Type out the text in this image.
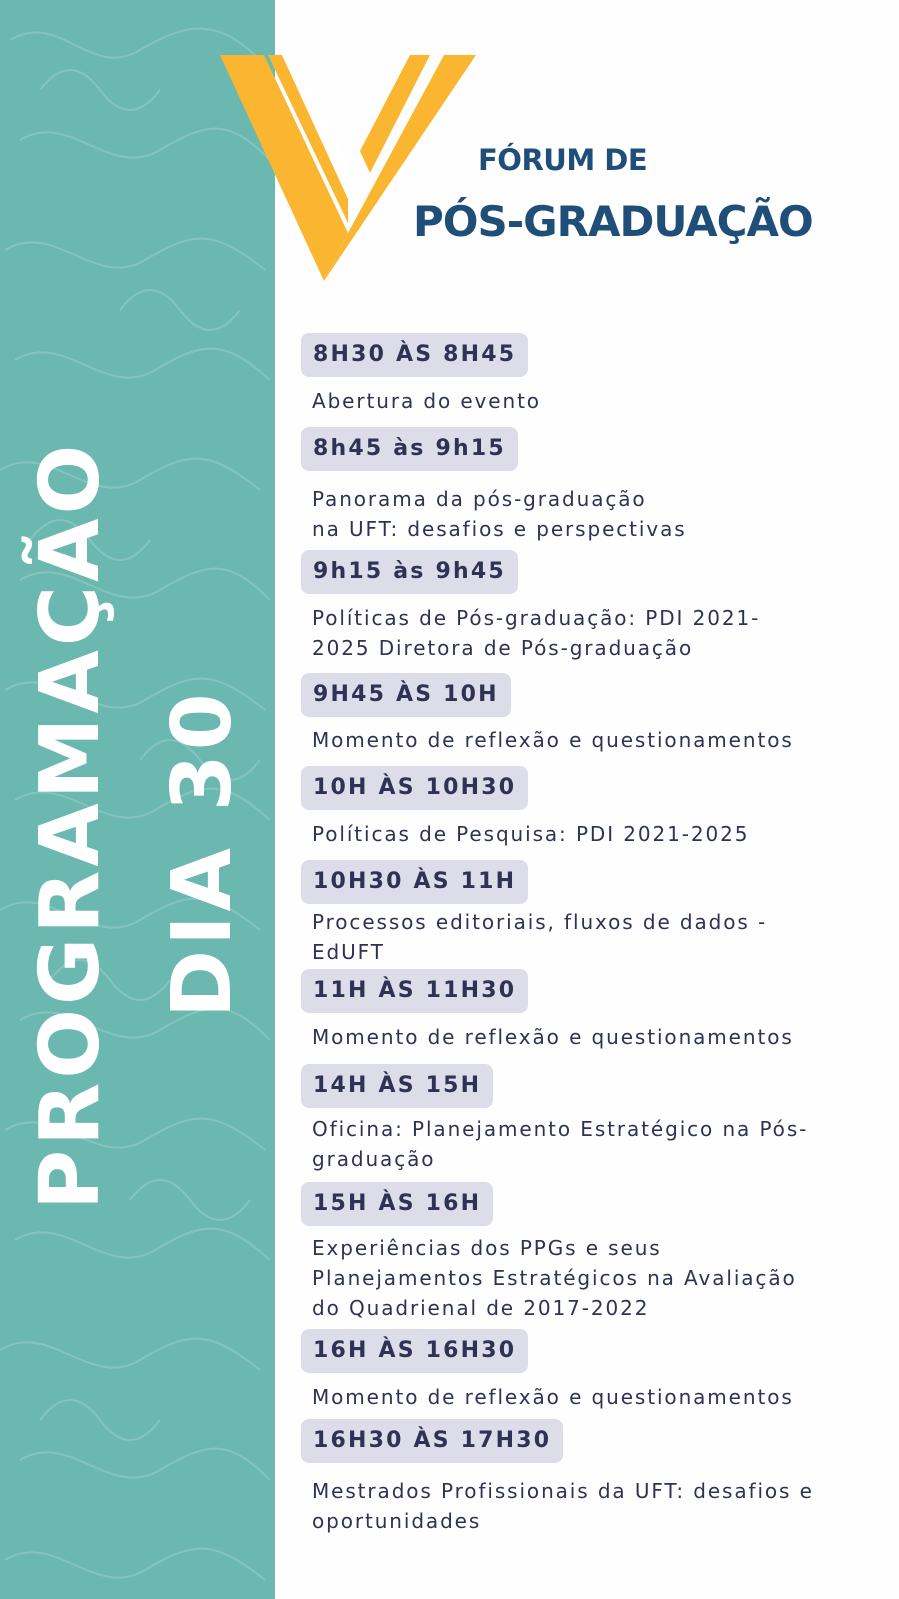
PROGRAMAÇÃO DIA 30
FÓRUM DE
PÓS-GRADUAÇÃO
8H30 ÀS 8H45
Abertura do evento
8h45 às 9h15
Panorama da pós-graduação
na UFT: desafios e perspectivas
9h15 às 9h45
Políticas de Pós-graduação: PDI 2021-
2025 Diretora de Pós-graduação
9H45 ÀS 10H
Momento de reflexão e questionamentos
10H ÀS 10H30
Políticas de Pesquisa: PDI 2021-2025
10H30 ÀS 11H
Processos editoriais, fluxos de dados -
EdUFT
11H ÀS 11H30
Momento de reflexão e questionamentos
14H ÀS 15H
Oficina: Planejamento Estratégico na Pós-
graduação
15H ÀS 16H
Experiências dos PPGs e seus
Planejamentos Estratégicos na Avaliação
do Quadrienal de 2017-2022
16H ÀS 16H30
Momento de reflexão e questionamentos
16H30 ÀS 17H30
Mestrados Profissionais da UFT: desafios e
oportunidades
